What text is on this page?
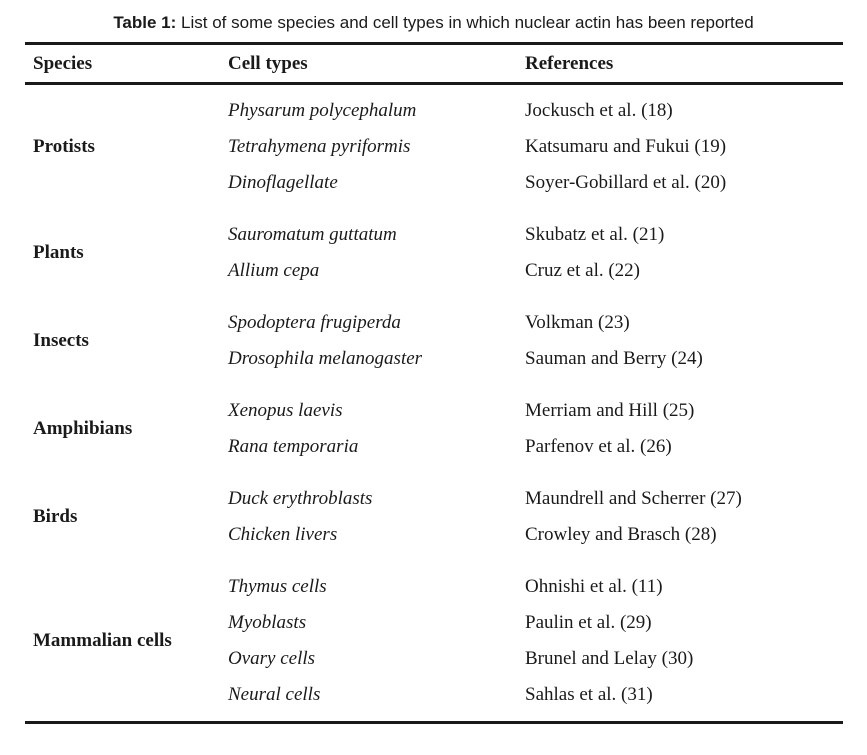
Table 1: List of some species and cell types in which nuclear actin has been reported
Species	Cell types	References
Protists
Physarum polycephalum
Tetrahymena pyriformis
Dinoflagellate
Jockusch et al. (18)
Katsumaru and Fukui (19)
Soyer-Gobillard et al. (20)
Plants
Sauromatum guttatum
Allium cepa
Skubatz et al. (21)
Cruz et al. (22)
Insects
Spodoptera frugiperda
Drosophila melanogaster
Volkman (23)
Sauman and Berry (24)
Amphibians
Xenopus laevis
Rana temporaria
Merriam and Hill (25)
Parfenov et al. (26)
Birds
Duck erythroblasts
Chicken livers
Maundrell and Scherrer (27)
Crowley and Brasch (28)
Mammalian cells
Thymus cells
Myoblasts
Ovary cells
Neural cells
Ohnishi et al. (11)
Paulin et al. (29)
Brunel and Lelay (30)
Sahlas et al. (31)
